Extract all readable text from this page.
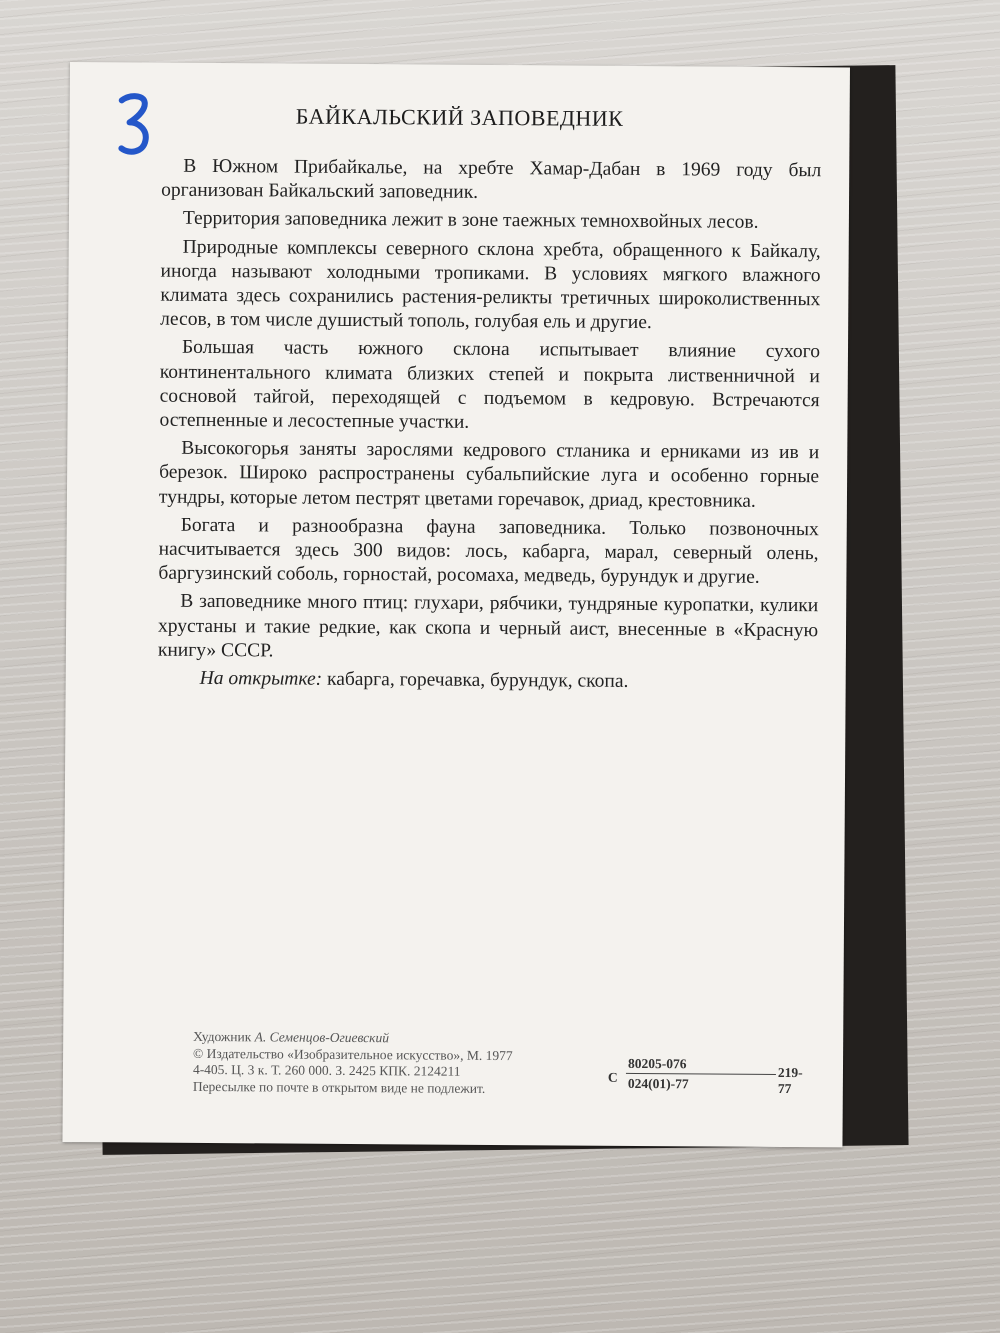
БАЙКАЛЬСКИЙ ЗАПОВЕДНИК

В Южном Прибайкалье, на хребте Хамар-Дабан в 1969 году был организован Байкальский заповедник.

Территория заповедника лежит в зоне таежных темнохвойных лесов.

Природные комплексы северного склона хребта, обращенного к Байкалу, иногда называют холодными тропиками. В условиях мягкого влажного климата здесь сохранились растения-реликты третичных широколиственных лесов, в том числе душистый тополь, голубая ель и другие.

Большая часть южного склона испытывает влияние сухого континентального климата близких степей и покрыта лиственничной и сосновой тайгой, переходящей с подъемом в кедровую. Встречаются остепненные и лесостепные участки.

Высокогорья заняты зарослями кедрового стланика и ерниками из ив и березок. Широко распространены субальпийские луга и особенно горные тундры, которые летом пестрят цветами горечавок, дриад, крестовника.

Богата и разнообразна фауна заповедника. Только позвоночных насчитывается здесь 300 видов: лось, кабарга, марал, северный олень, баргузинский соболь, горностай, росомаха, медведь, бурундук и другие.

В заповеднике много птиц: глухари, рябчики, тундряные куропатки, кулики хрустаны и такие редкие, как скопа и черный аист, внесенные в «Красную книгу» СССР.

На открытке: кабарга, горечавка, бурундук, скопа.

Художник А. Семенцов-Огиевский
© Издательство «Изобразительное искусство», М. 1977
4-405. Ц. 3 к. Т. 260 000. З. 2425 КПК. 2124211
Пересылке по почте в открытом виде не подлежит.
С
80205-076
024(01)-77
219-77
